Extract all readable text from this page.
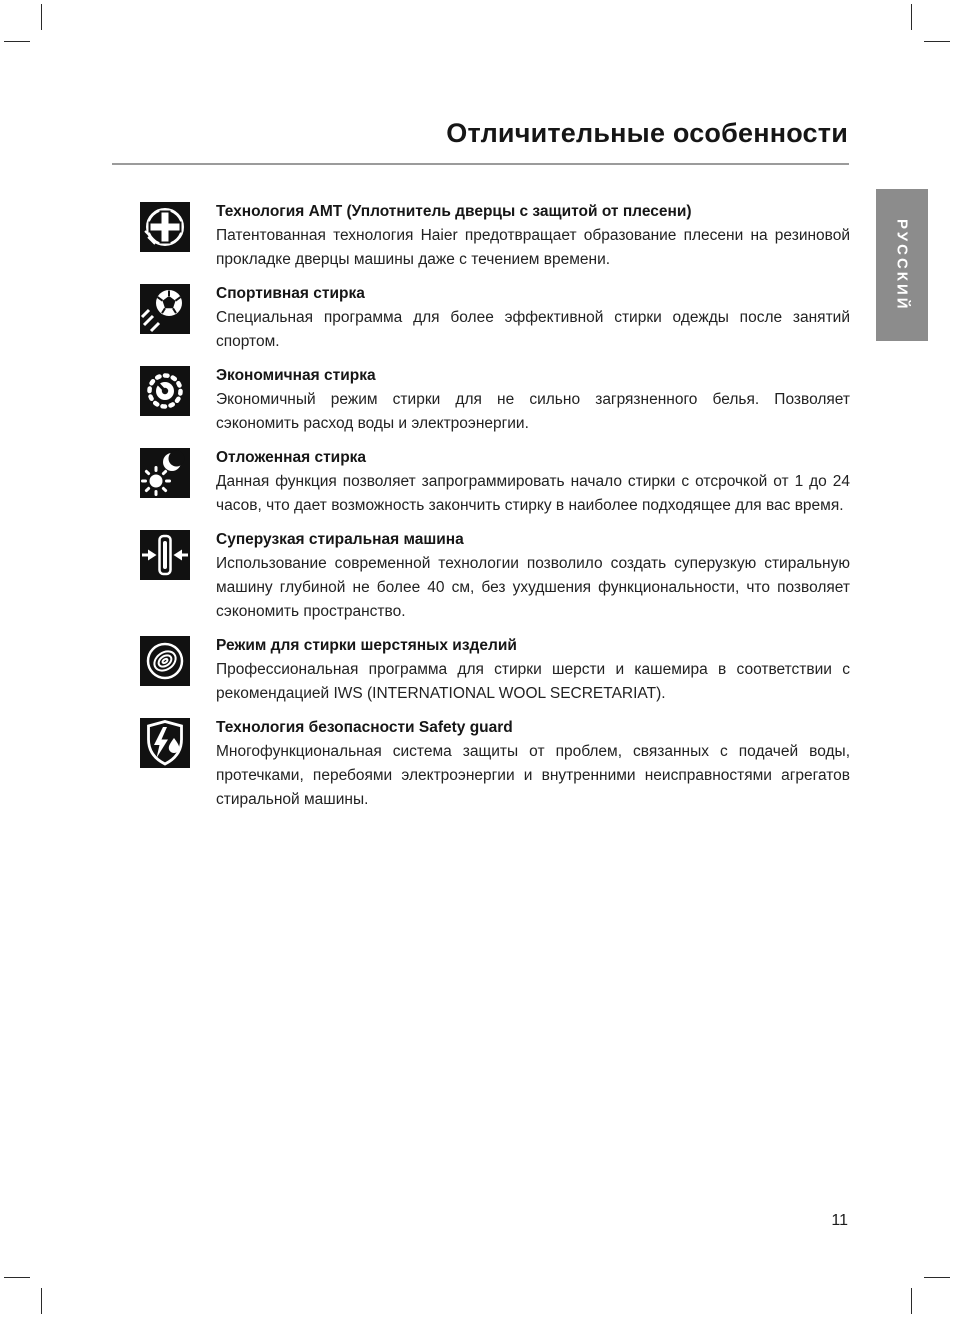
Отличительные особенности
РУССКИЙ
Технология AMT (Уплотнитель дверцы с защитой от плесени)
Патентованная технология Haier предотвращает образование плесени на резиновой прокладке дверцы машины даже с течением времени.
Спортивная стирка
Специальная программа для более эффективной стирки одежды после занятий спортом.
Экономичная стирка
Экономичный режим стирки для не сильно загрязненного белья. Позволяет сэкономить расход воды и электроэнергии.
Отложенная стирка
Данная функция позволяет запрограммировать начало стирки с отсрочкой от 1 до 24 часов, что дает возможность закончить стирку в наиболее подходящее для вас время.
Суперузкая стиральная машина
Использование современной технологии позволило создать суперузкую стиральную машину глубиной не более 40 см, без ухудшения функциональности, что позволяет сэкономить пространство.
Режим для стирки шерстяных изделий
Профессиональная программа для стирки шерсти и кашемира в соответствии с рекомендацией IWS (INTERNATIONAL WOOL SECRETARIAT).
Технология безопасности Safety guard
Многофункциональная система защиты от проблем, связанных с подачей воды, протечками, перебоями электроэнергии и внутренними неисправностями агрегатов стиральной машины.
11
